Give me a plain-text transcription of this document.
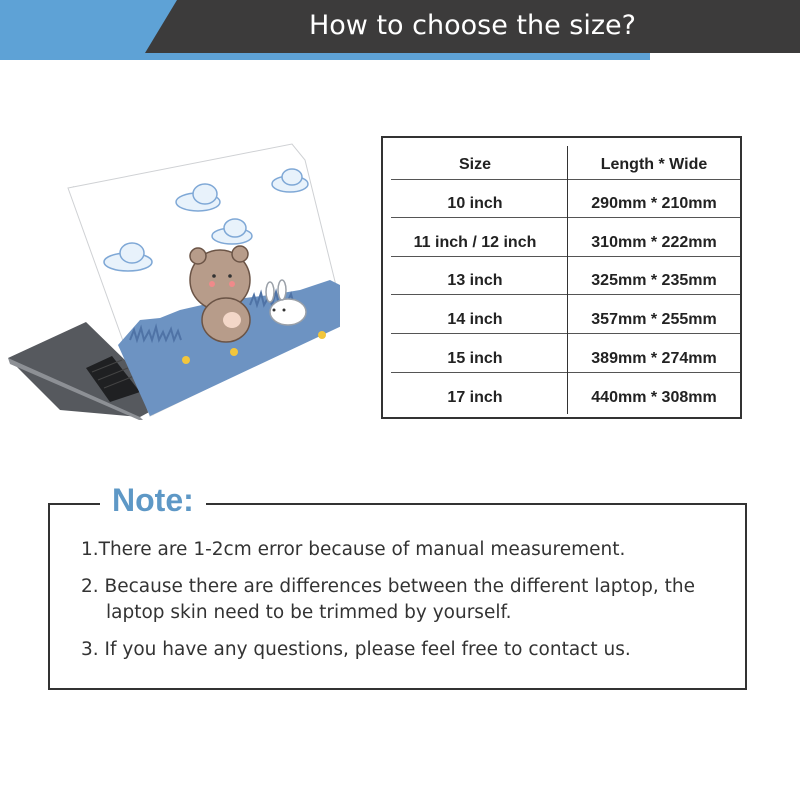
How to choose the size?
Size	Length * Wide
10 inch	290mm * 210mm
11 inch / 12 inch	310mm * 222mm
13 inch	325mm * 235mm
14 inch	357mm * 255mm
15 inch	389mm * 274mm
17 inch	440mm * 308mm
Note:
1.There are 1-2cm error because of manual measurement.
2. Because there are differences between the different laptop, the
laptop skin need to be trimmed by yourself.
3. If you have any questions, please feel free to contact us.
